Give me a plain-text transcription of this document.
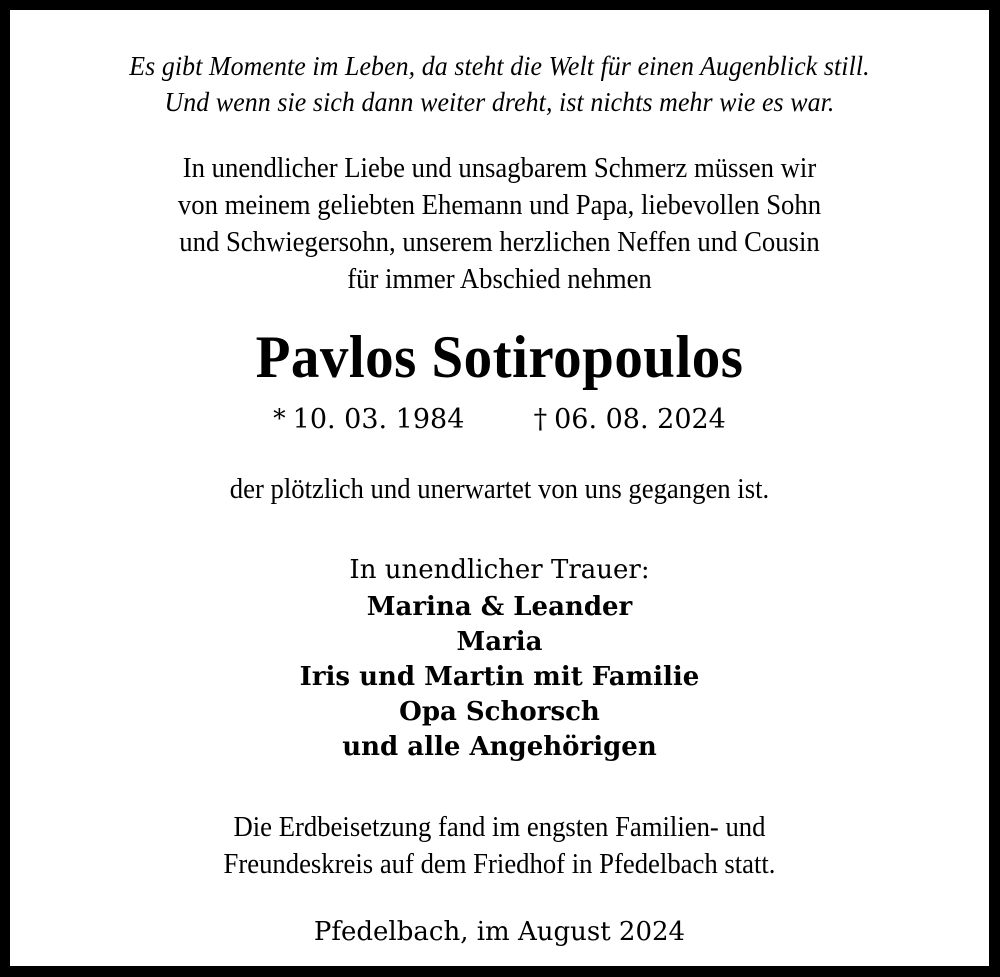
Es gibt Momente im Leben, da steht die Welt für einen Augenblick still.
Und wenn sie sich dann weiter dreht, ist nichts mehr wie es war.
In unendlicher Liebe und unsagbarem Schmerz müssen wir
von meinem geliebten Ehemann und Papa, liebevollen Sohn
und Schwiegersohn, unserem herzlichen Neffen und Cousin
für immer Abschied nehmen
Pavlos Sotiropoulos
* 10. 03. 1984	† 06. 08. 2024
der plötzlich und unerwartet von uns gegangen ist.
In unendlicher Trauer:
Marina & Leander
Maria
Iris und Martin mit Familie
Opa Schorsch
und alle Angehörigen
Die Erdbeisetzung fand im engsten Familien- und
Freundeskreis auf dem Friedhof in Pfedelbach statt.
Pfedelbach, im August 2024
